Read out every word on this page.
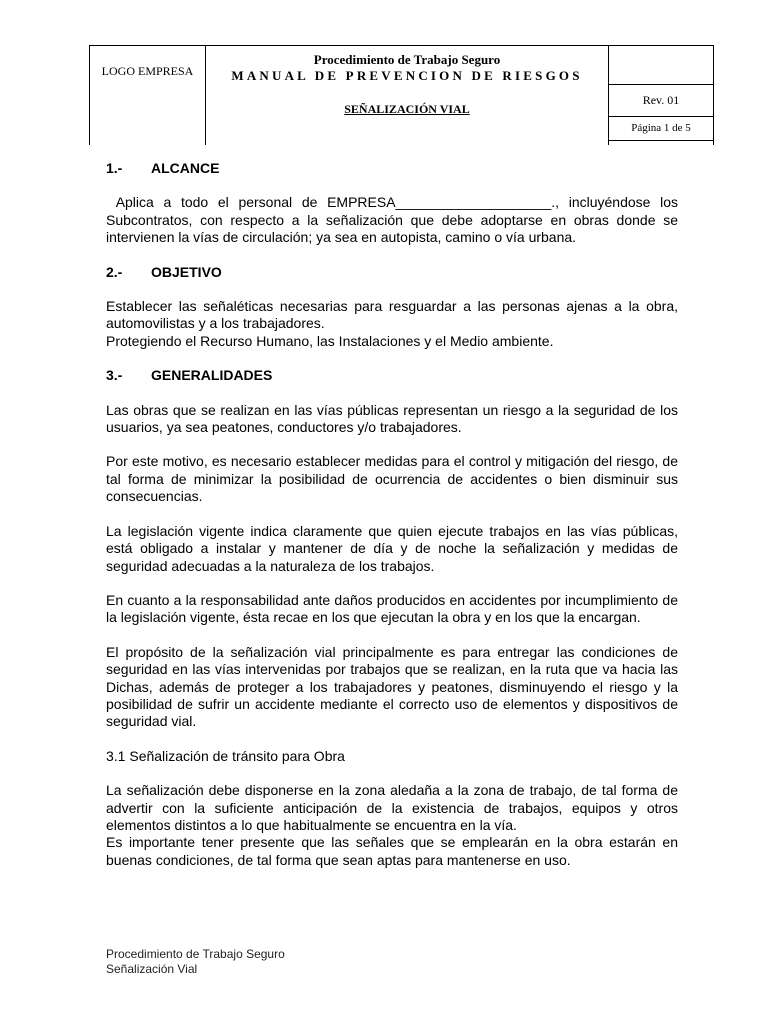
LOGO EMPRESA
Procedimiento de Trabajo Seguro
MANUAL DE PREVENCION DE RIESGOS
SEÑALIZACIÓN VIAL
Rev. 01
Página 1 de 5
1.- ALCANCE

Aplica a todo el personal de EMPRESA____________________., incluyéndose los Subcontratos, con respecto a la señalización que debe adoptarse en obras donde se intervienen la vías de circulación; ya sea en autopista, camino o vía urbana.

2.- OBJETIVO

Establecer las señaléticas necesarias para resguardar a las personas ajenas a la obra, automovilistas y a los trabajadores.
Protegiendo el Recurso Humano, las Instalaciones y el Medio ambiente.

3.- GENERALIDADES

Las obras que se realizan en las vías públicas representan un riesgo a la seguridad de los usuarios, ya sea peatones, conductores y/o trabajadores.

Por este motivo, es necesario establecer medidas para el control y mitigación del riesgo, de tal forma de minimizar la posibilidad de ocurrencia de accidentes o bien disminuir sus consecuencias.

La legislación vigente indica claramente que quien ejecute trabajos en las vías públicas, está obligado a instalar y mantener de día y de noche la señalización y medidas de seguridad adecuadas a la naturaleza de los trabajos.

En cuanto a la responsabilidad ante daños producidos en accidentes por incumplimiento de la legislación vigente, ésta recae en los que ejecutan la obra y en los que la encargan.

El propósito de la señalización vial principalmente es para entregar las condiciones de seguridad en las vías intervenidas por trabajos que se realizan, en la ruta que va hacia las Dichas, además de proteger a los trabajadores y peatones, disminuyendo el riesgo y la posibilidad de sufrir un accidente mediante el correcto uso de elementos y dispositivos de seguridad vial.

3.1 Señalización de tránsito para Obra

La señalización debe disponerse en la zona aledaña a la zona de trabajo, de tal forma de advertir con la suficiente anticipación de la existencia de trabajos, equipos y otros elementos distintos a lo que habitualmente se encuentra en la vía.
Es importante tener presente que las señales que se emplearán en la obra estarán en buenas condiciones, de tal forma que sean aptas para mantenerse en uso.

Procedimiento de Trabajo Seguro
Señalización Vial
